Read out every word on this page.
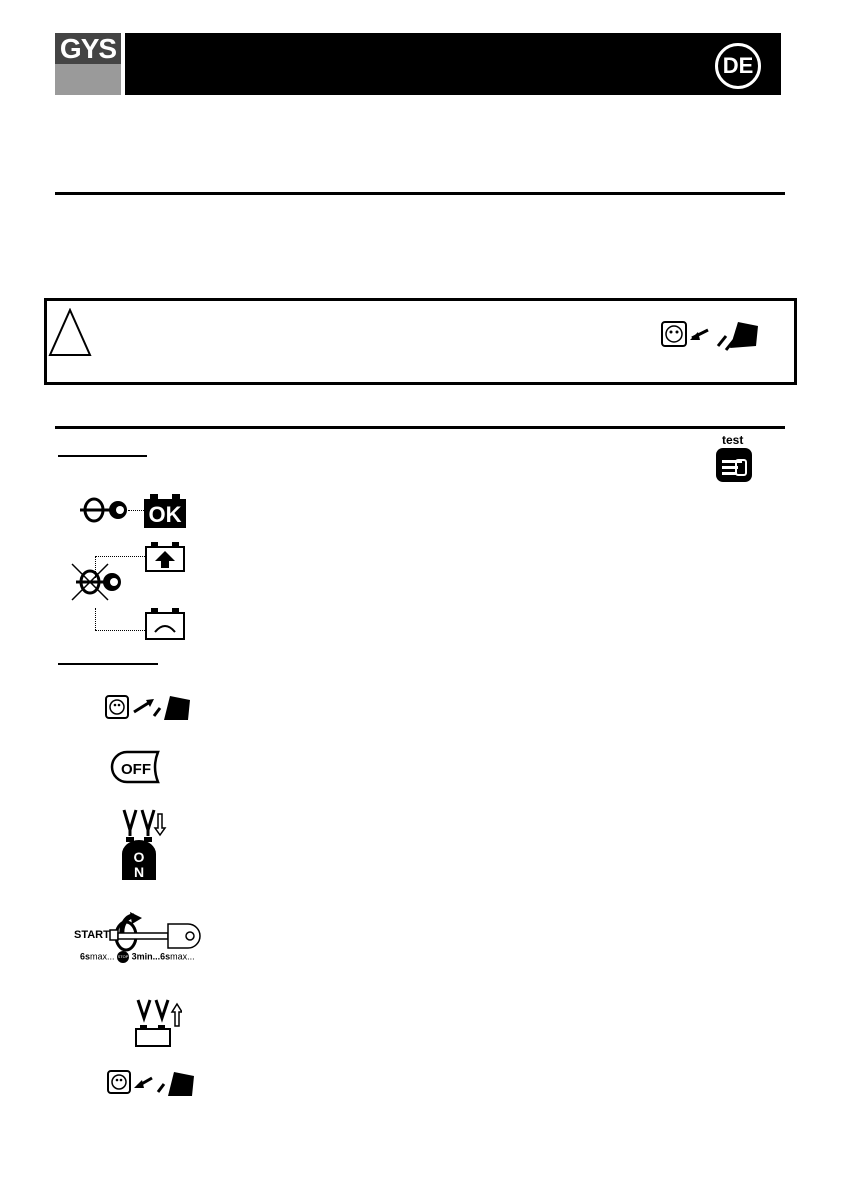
GYS
DE
test
OK
OFF
O
N
START
6smax... STOP 3min...6smax...
